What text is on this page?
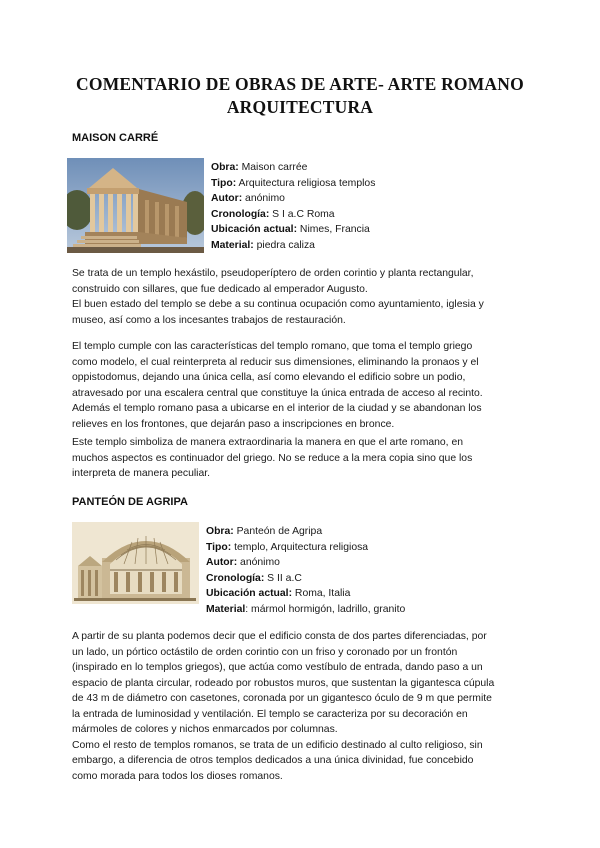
COMENTARIO DE OBRAS DE ARTE- ARTE ROMANO
ARQUITECTURA
MAISON CARRÉ
Obra: Maison carrée
Tipo: Arquitectura religiosa templos
Autor: anónimo
Cronología: S I a.C Roma
Ubicación actual: Nimes, Francia
Material: piedra caliza

Se trata de un templo hexástilo, pseudoperíptero de orden corintio y planta rectangular,
construido con sillares, que fue dedicado al emperador Augusto.
El buen estado del templo se debe a su continua ocupación como ayuntamiento, iglesia y
museo, así como a los incesantes trabajos de restauración.

El templo cumple con las características del templo romano, que toma el templo griego
como modelo, el cual reinterpreta al reducir sus dimensiones, eliminando la pronaos y el
oppistodomus, dejando una única cella, así como elevando el edificio sobre un podio,
atravesado por una escalera central que constituye la única entrada de acceso al recinto.
Además el templo romano pasa a ubicarse en el interior de la ciudad y se abandonan los
relieves en los frontones, que dejarán paso a inscripciones en bronce.

Este templo simboliza de manera extraordinaria la manera en que el arte romano, en
muchos aspectos es continuador del griego. No se reduce a la mera copia sino que los
interpreta de manera peculiar.

PANTEÓN DE AGRIPA
Obra: Panteón de Agripa
Tipo: templo, Arquitectura religiosa
Autor: anónimo
Cronología: S II a.C
Ubicación actual: Roma, Italia
Material: mármol hormigón, ladrillo, granito

A partir de su planta podemos decir que el edificio consta de dos partes diferenciadas, por
un lado, un pórtico octástilo de orden corintio con un friso y coronado por un frontón
(inspirado en lo templos griegos), que actúa como vestíbulo de entrada, dando paso a un
espacio de planta circular, rodeado por robustos muros, que sustentan la gigantesca cúpula
de 43 m de diámetro con casetones, coronada por un gigantesco óculo de 9 m que permite
la entrada de luminosidad y ventilación. El templo se caracteriza por su decoración en
mármoles de colores y nichos enmarcados por columnas.
Como el resto de templos romanos, se trata de un edificio destinado al culto religioso, sin
embargo, a diferencia de otros templos dedicados a una única divinidad, fue concebido
como morada para todos los dioses romanos.
